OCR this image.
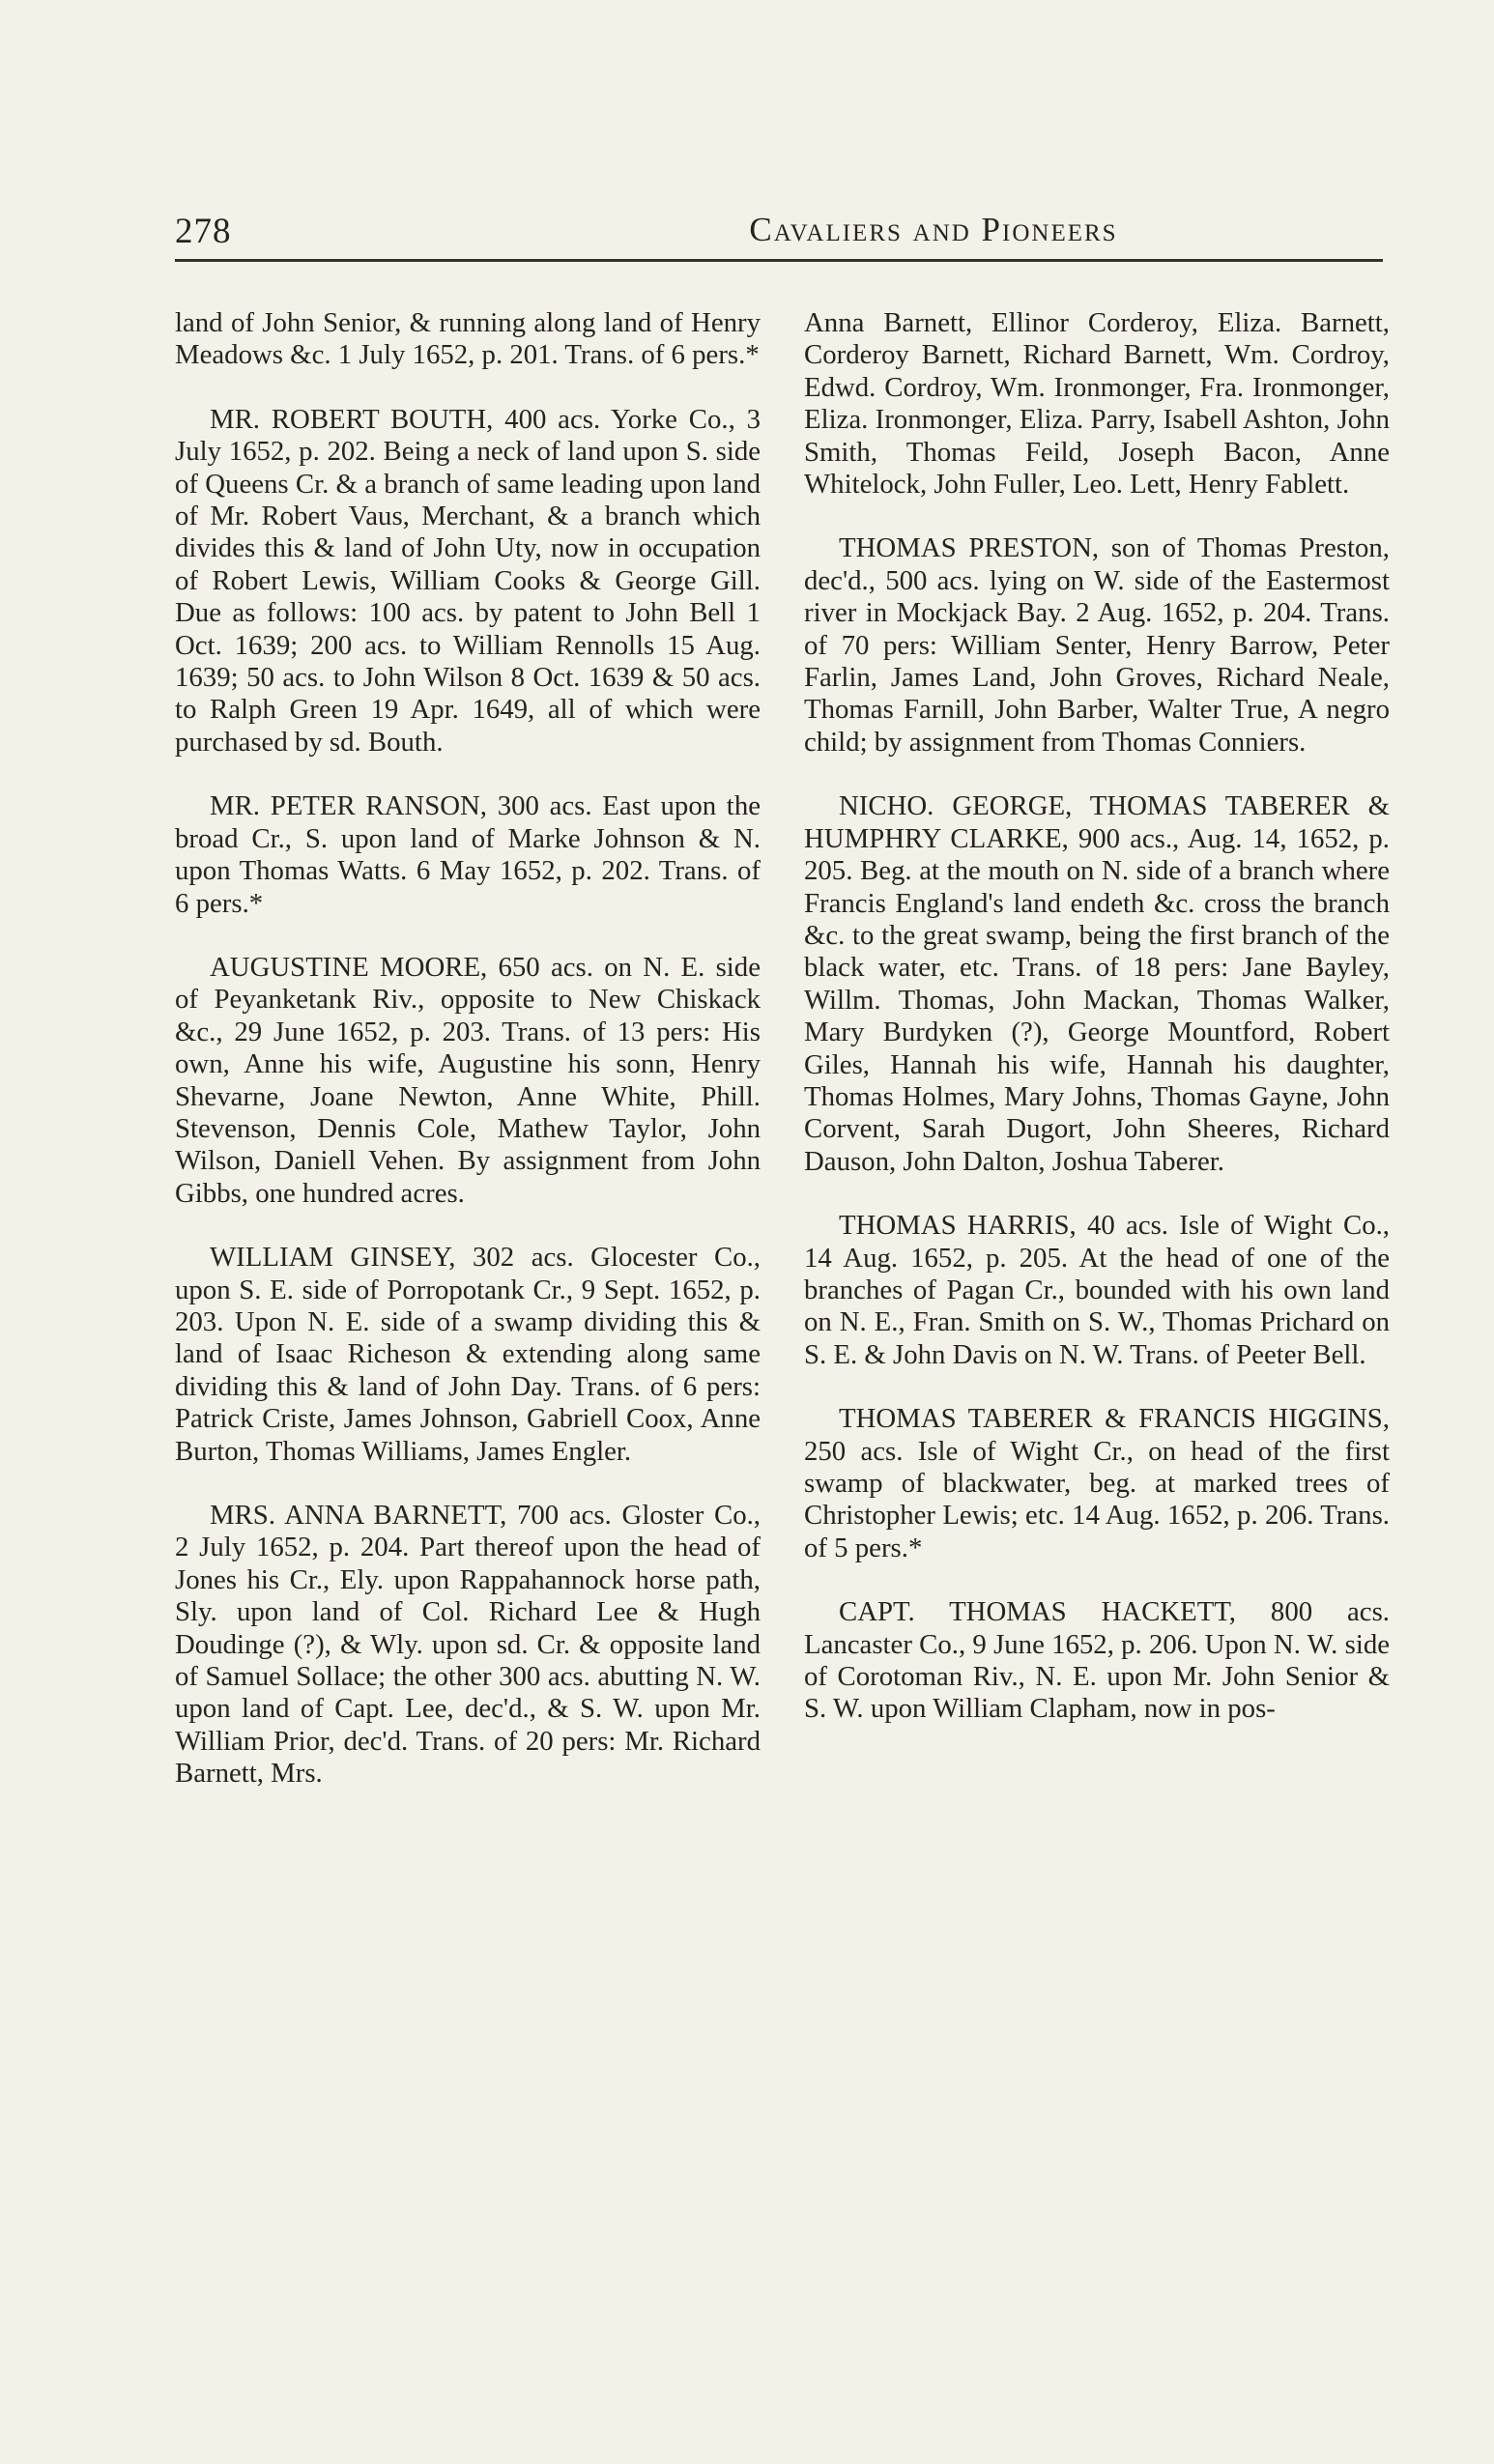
278	Cavaliers and Pioneers

land of John Senior, & running along land of Henry Meadows &c. 1 July 1652, p. 201. Trans. of 6 pers.*

MR. ROBERT BOUTH, 400 acs. Yorke Co., 3 July 1652, p. 202. Being a neck of land upon S. side of Queens Cr. & a branch of same leading upon land of Mr. Robert Vaus, Merchant, & a branch which divides this & land of John Uty, now in occupation of Robert Lewis, William Cooks & George Gill. Due as follows: 100 acs. by patent to John Bell 1 Oct. 1639; 200 acs. to William Rennolls 15 Aug. 1639; 50 acs. to John Wilson 8 Oct. 1639 & 50 acs. to Ralph Green 19 Apr. 1649, all of which were purchased by sd. Bouth.

MR. PETER RANSON, 300 acs. East upon the broad Cr., S. upon land of Marke Johnson & N. upon Thomas Watts. 6 May 1652, p. 202. Trans. of 6 pers.*

AUGUSTINE MOORE, 650 acs. on N. E. side of Peyanketank Riv., opposite to New Chiskack &c., 29 June 1652, p. 203. Trans. of 13 pers: His own, Anne his wife, Augustine his sonn, Henry Shevarne, Joane Newton, Anne White, Phill. Stevenson, Dennis Cole, Mathew Taylor, John Wilson, Daniell Vehen. By assignment from John Gibbs, one hundred acres.

WILLIAM GINSEY, 302 acs. Glocester Co., upon S. E. side of Porropotank Cr., 9 Sept. 1652, p. 203. Upon N. E. side of a swamp dividing this & land of Isaac Richeson & extending along same dividing this & land of John Day. Trans. of 6 pers: Patrick Criste, James Johnson, Gabriell Coox, Anne Burton, Thomas Williams, James Engler.

MRS. ANNA BARNETT, 700 acs. Gloster Co., 2 July 1652, p. 204. Part thereof upon the head of Jones his Cr., Ely. upon Rappahannock horse path, Sly. upon land of Col. Richard Lee & Hugh Doudinge (?), & Wly. upon sd. Cr. & opposite land of Samuel Sollace; the other 300 acs. abutting N. W. upon land of Capt. Lee, dec'd., & S. W. upon Mr. William Prior, dec'd. Trans. of 20 pers: Mr. Richard Barnett, Mrs.

Anna Barnett, Ellinor Corderoy, Eliza. Barnett, Corderoy Barnett, Richard Barnett, Wm. Cordroy, Edwd. Cordroy, Wm. Ironmonger, Fra. Ironmonger, Eliza. Ironmonger, Eliza. Parry, Isabell Ashton, John Smith, Thomas Feild, Joseph Bacon, Anne Whitelock, John Fuller, Leo. Lett, Henry Fablett.

THOMAS PRESTON, son of Thomas Preston, dec'd., 500 acs. lying on W. side of the Eastermost river in Mockjack Bay. 2 Aug. 1652, p. 204. Trans. of 70 pers: William Senter, Henry Barrow, Peter Farlin, James Land, John Groves, Richard Neale, Thomas Farnill, John Barber, Walter True, A negro child; by assignment from Thomas Conniers.

NICHO. GEORGE, THOMAS TABERER & HUMPHRY CLARKE, 900 acs., Aug. 14, 1652, p. 205. Beg. at the mouth on N. side of a branch where Francis England's land endeth &c. cross the branch &c. to the great swamp, being the first branch of the black water, etc. Trans. of 18 pers: Jane Bayley, Willm. Thomas, John Mackan, Thomas Walker, Mary Burdyken (?), George Mountford, Robert Giles, Hannah his wife, Hannah his daughter, Thomas Holmes, Mary Johns, Thomas Gayne, John Corvent, Sarah Dugort, John Sheeres, Richard Dauson, John Dalton, Joshua Taberer.

THOMAS HARRIS, 40 acs. Isle of Wight Co., 14 Aug. 1652, p. 205. At the head of one of the branches of Pagan Cr., bounded with his own land on N. E., Fran. Smith on S. W., Thomas Prichard on S. E. & John Davis on N. W. Trans. of Peeter Bell.

THOMAS TABERER & FRANCIS HIGGINS, 250 acs. Isle of Wight Cr., on head of the first swamp of blackwater, beg. at marked trees of Christopher Lewis; etc. 14 Aug. 1652, p. 206. Trans. of 5 pers.*

CAPT. THOMAS HACKETT, 800 acs. Lancaster Co., 9 June 1652, p. 206. Upon N. W. side of Corotoman Riv., N. E. upon Mr. John Senior & S. W. upon William Clapham, now in pos-
